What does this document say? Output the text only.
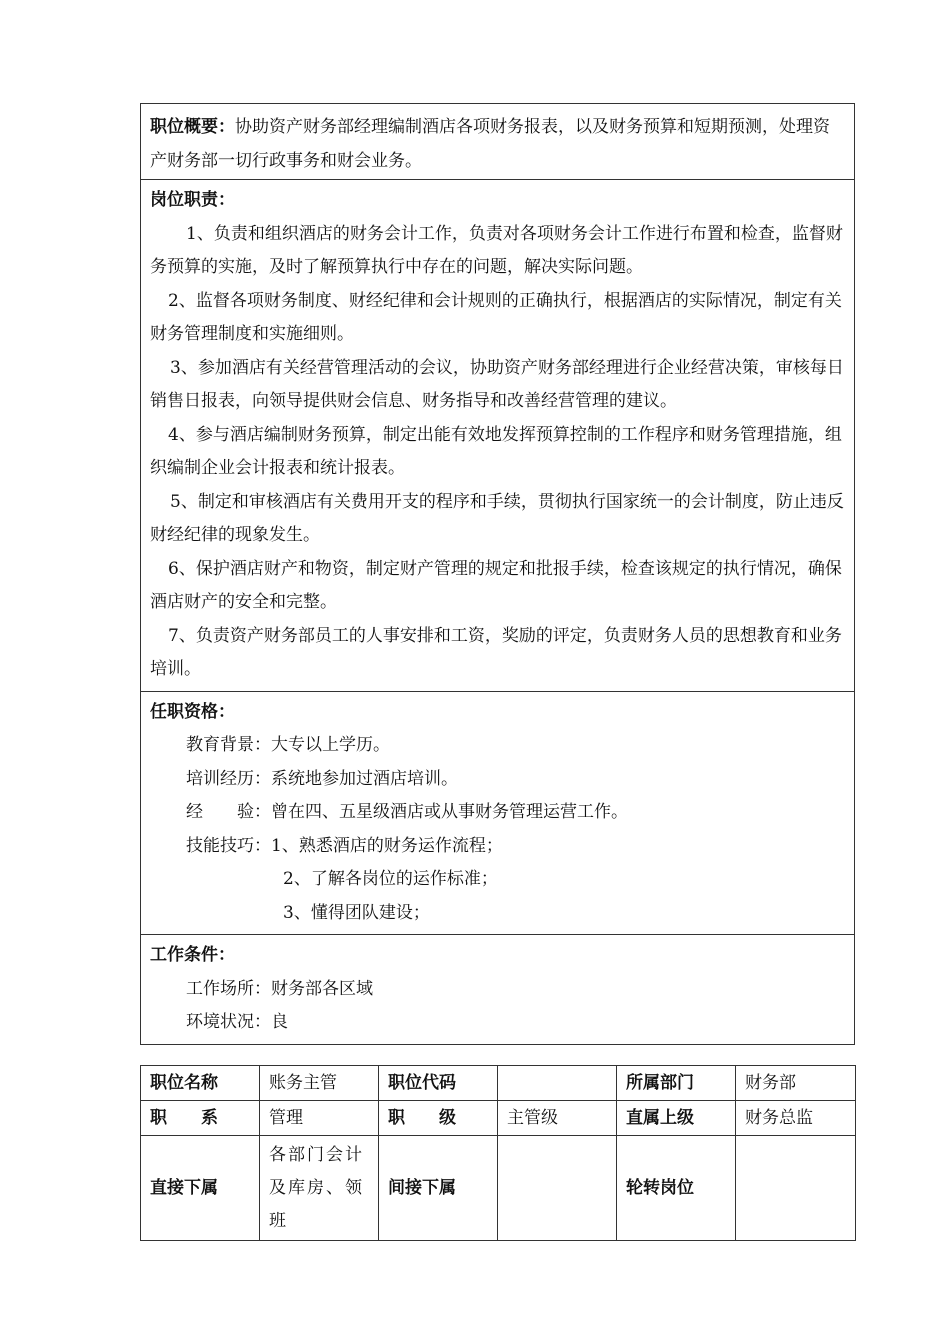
职位概要：协助资产财务部经理编制酒店各项财务报表，以及财务预算和短期预测，处理资产财务部一切行政事务和财会业务。

岗位职责：

1、负责和组织酒店的财务会计工作，负责对各项财务会计工作进行布置和检查，监督财务预算的实施，及时了解预算执行中存在的问题，解决实际问题。

2、监督各项财务制度、财经纪律和会计规则的正确执行，根据酒店的实际情况，制定有关财务管理制度和实施细则。

3、参加酒店有关经营管理活动的会议，协助资产财务部经理进行企业经营决策，审核每日销售日报表，向领导提供财会信息、财务指导和改善经营管理的建议。

4、参与酒店编制财务预算，制定出能有效地发挥预算控制的工作程序和财务管理措施，组织编制企业会计报表和统计报表。

5、制定和审核酒店有关费用开支的程序和手续，贯彻执行国家统一的会计制度，防止违反财经纪律的现象发生。

6、保护酒店财产和物资，制定财产管理的规定和批报手续，检查该规定的执行情况，确保酒店财产的安全和完整。

7、负责资产财务部员工的人事安排和工资，奖励的评定，负责财务人员的思想教育和业务培训。

任职资格：

教育背景：大专以上学历。

培训经历：系统地参加过酒店培训。

经　　验：曾在四、五星级酒店或从事财务管理运营工作。

技能技巧：1、熟悉酒店的财务运作流程；

2、了解各岗位的运作标准；

3、懂得团队建设；

工作条件：

工作场所：财务部各区域

环境状况：良

职位名称	账务主管	职位代码		所属部门	财务部
职　　系	管理	职　　级	主管级	直属上级	财务总监
直接下属	各部门会计及库房、领班	间接下属		轮转岗位	
